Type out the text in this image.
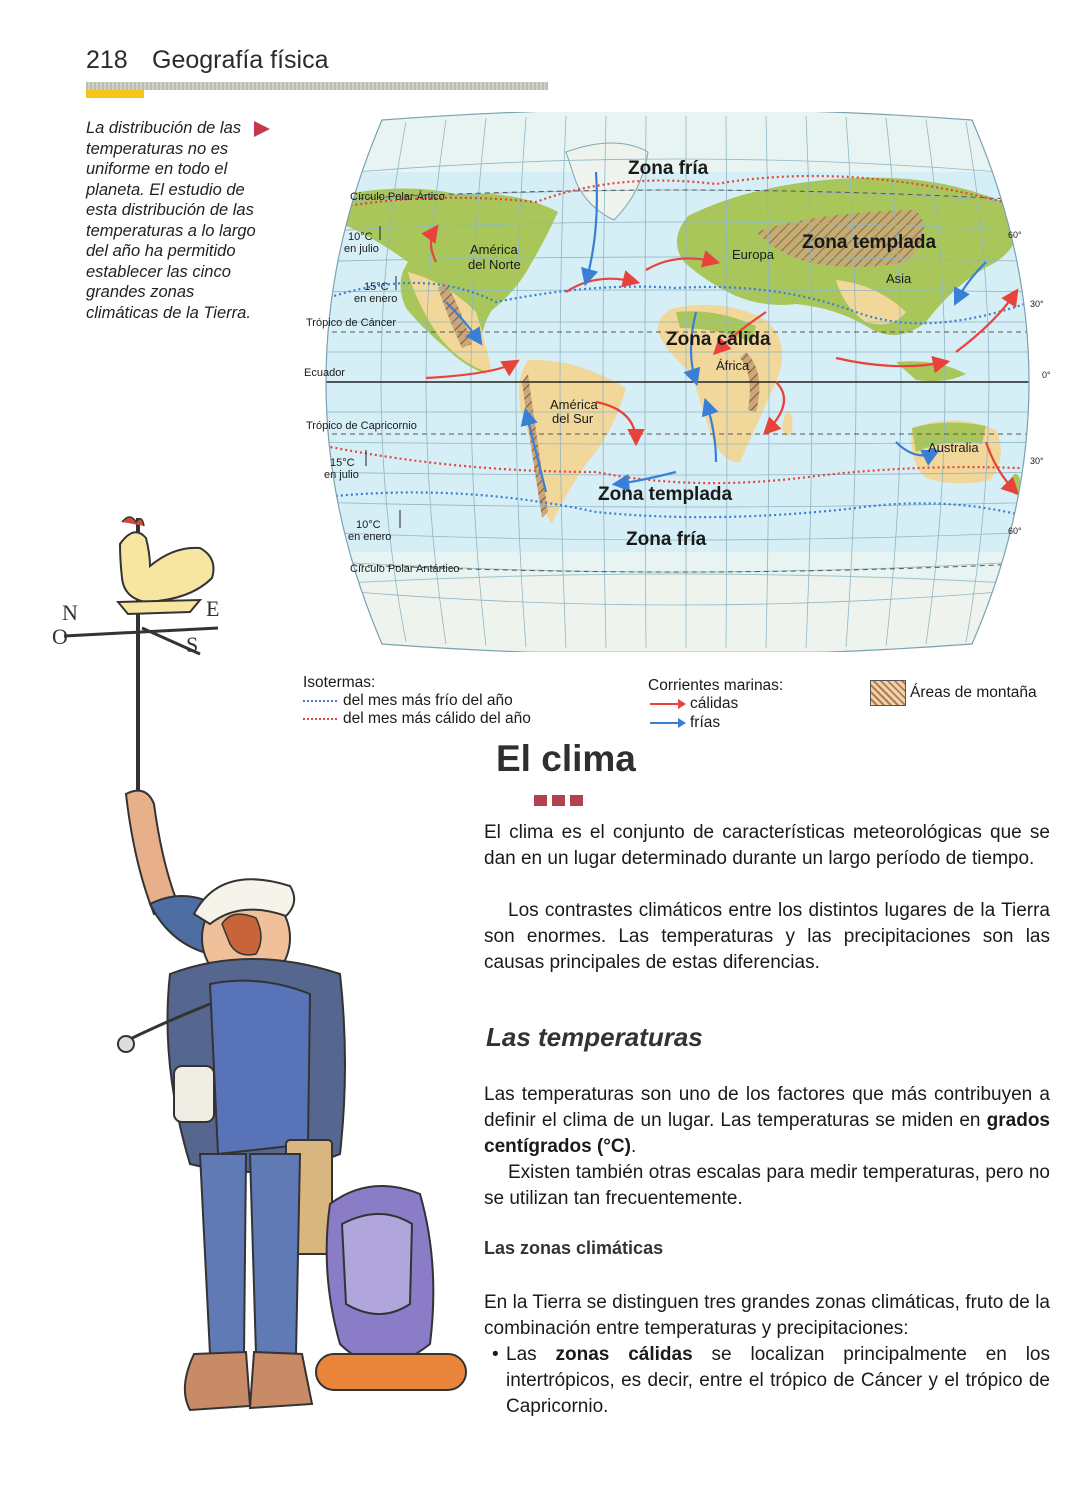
218 Geografía física
La distribución de las temperaturas no es uniforme en todo el planeta. El estudio de esta distribución de las temperaturas a lo largo del año ha permitido establecer las cinco grandes zonas climáticas de la Tierra.
Zona fría
Zona templada
Zona cálida
Zona templada
Zona fría
América
del Norte
Europa
Asia
África
América
del Sur
Australia
Círculo Polar Ártico
Trópico de Cáncer
Ecuador
Trópico de Capricornio
Círculo Polar Antártico
10°C
en julio
15°C
en enero
15°C
en julio
10°C
en enero
60°
30°
0°
30°
60°
N	E
O	S
Isotermas:
del mes más frío del año
del mes más cálido del año
Corrientes marinas:
cálidas
frías
Áreas de montaña
El clima
El clima es el conjunto de características meteorológicas que se dan en un lugar determinado durante un largo período de tiempo.
Los contrastes climáticos entre los distintos lugares de la Tierra son enormes. Las temperaturas y las precipitaciones son las causas principales de estas diferencias.
Las temperaturas
Las temperaturas son uno de los factores que más contribuyen a definir el clima de un lugar. Las temperaturas se miden en grados centígrados (°C).
Existen también otras escalas para medir temperaturas, pero no se utilizan tan frecuentemente.
Las zonas climáticas
En la Tierra se distinguen tres grandes zonas climáticas, fruto de la combinación entre temperaturas y precipitaciones:
• Las zonas cálidas se localizan principalmente en los intertrópicos, es decir, entre el trópico de Cáncer y el trópico de Capricornio.
